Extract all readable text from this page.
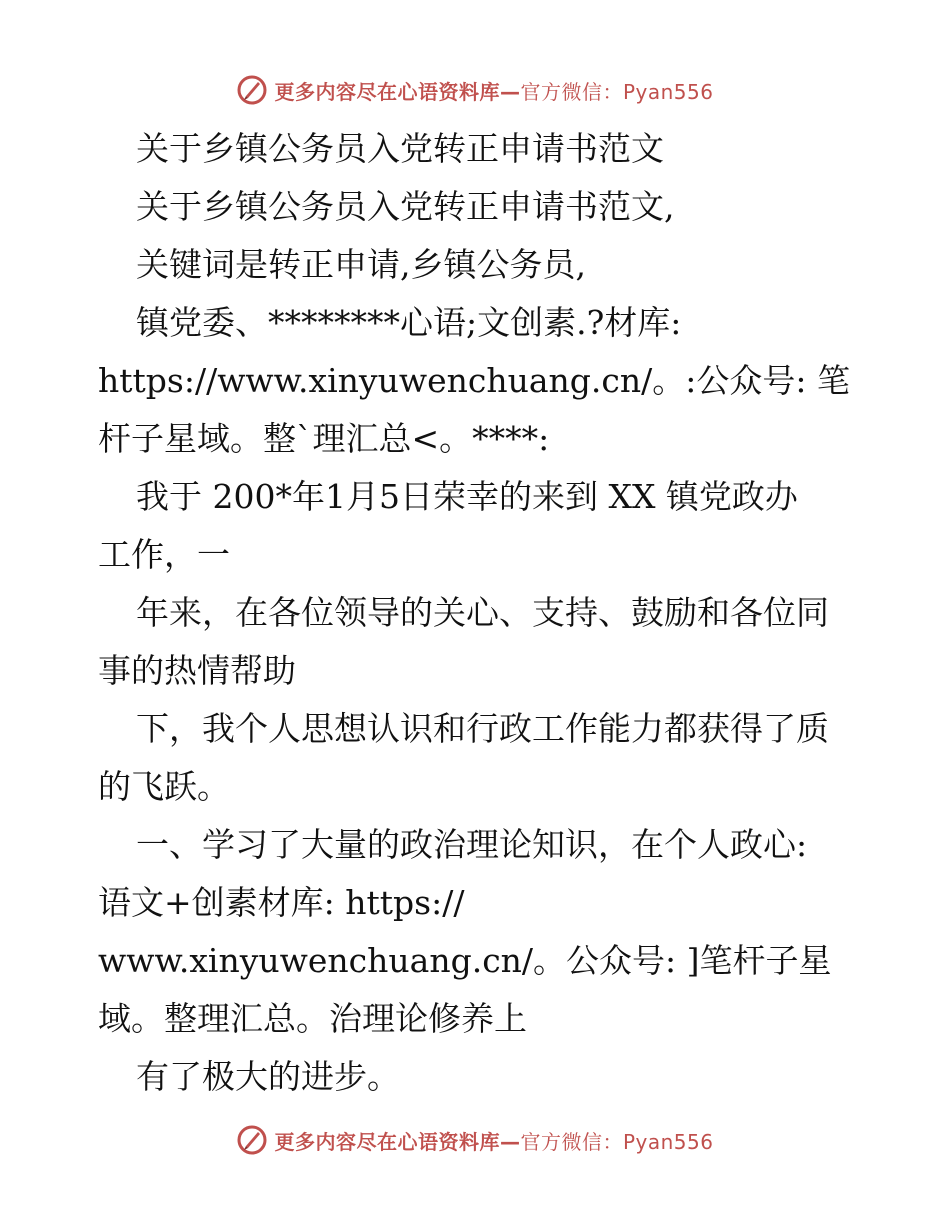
更多内容尽在心语资料库—官方微信：Pyan556
关于乡镇公务员入党转正申请书范文
关于乡镇公务员入党转正申请书范文,
关键词是转正申请,乡镇公务员,
镇党委、********心语;文创素.?材库:
https://www.xinyuwenchuang.cn/。:公众号: 笔
杆子星域。整`理汇总<。****:
我于 200*年1月5日荣幸的来到 XX 镇党政办
工作，一
年来，在各位领导的关心、支持、鼓励和各位同
事的热情帮助
下，我个人思想认识和行政工作能力都获得了质
的飞跃。
一、学习了大量的政治理论知识，在个人政心:
语文+创素材库: https://
www.xinyuwenchuang.cn/。公众号: ]笔杆子星
域。整理汇总。治理论修养上
有了极大的进步。
更多内容尽在心语资料库—官方微信：Pyan556
